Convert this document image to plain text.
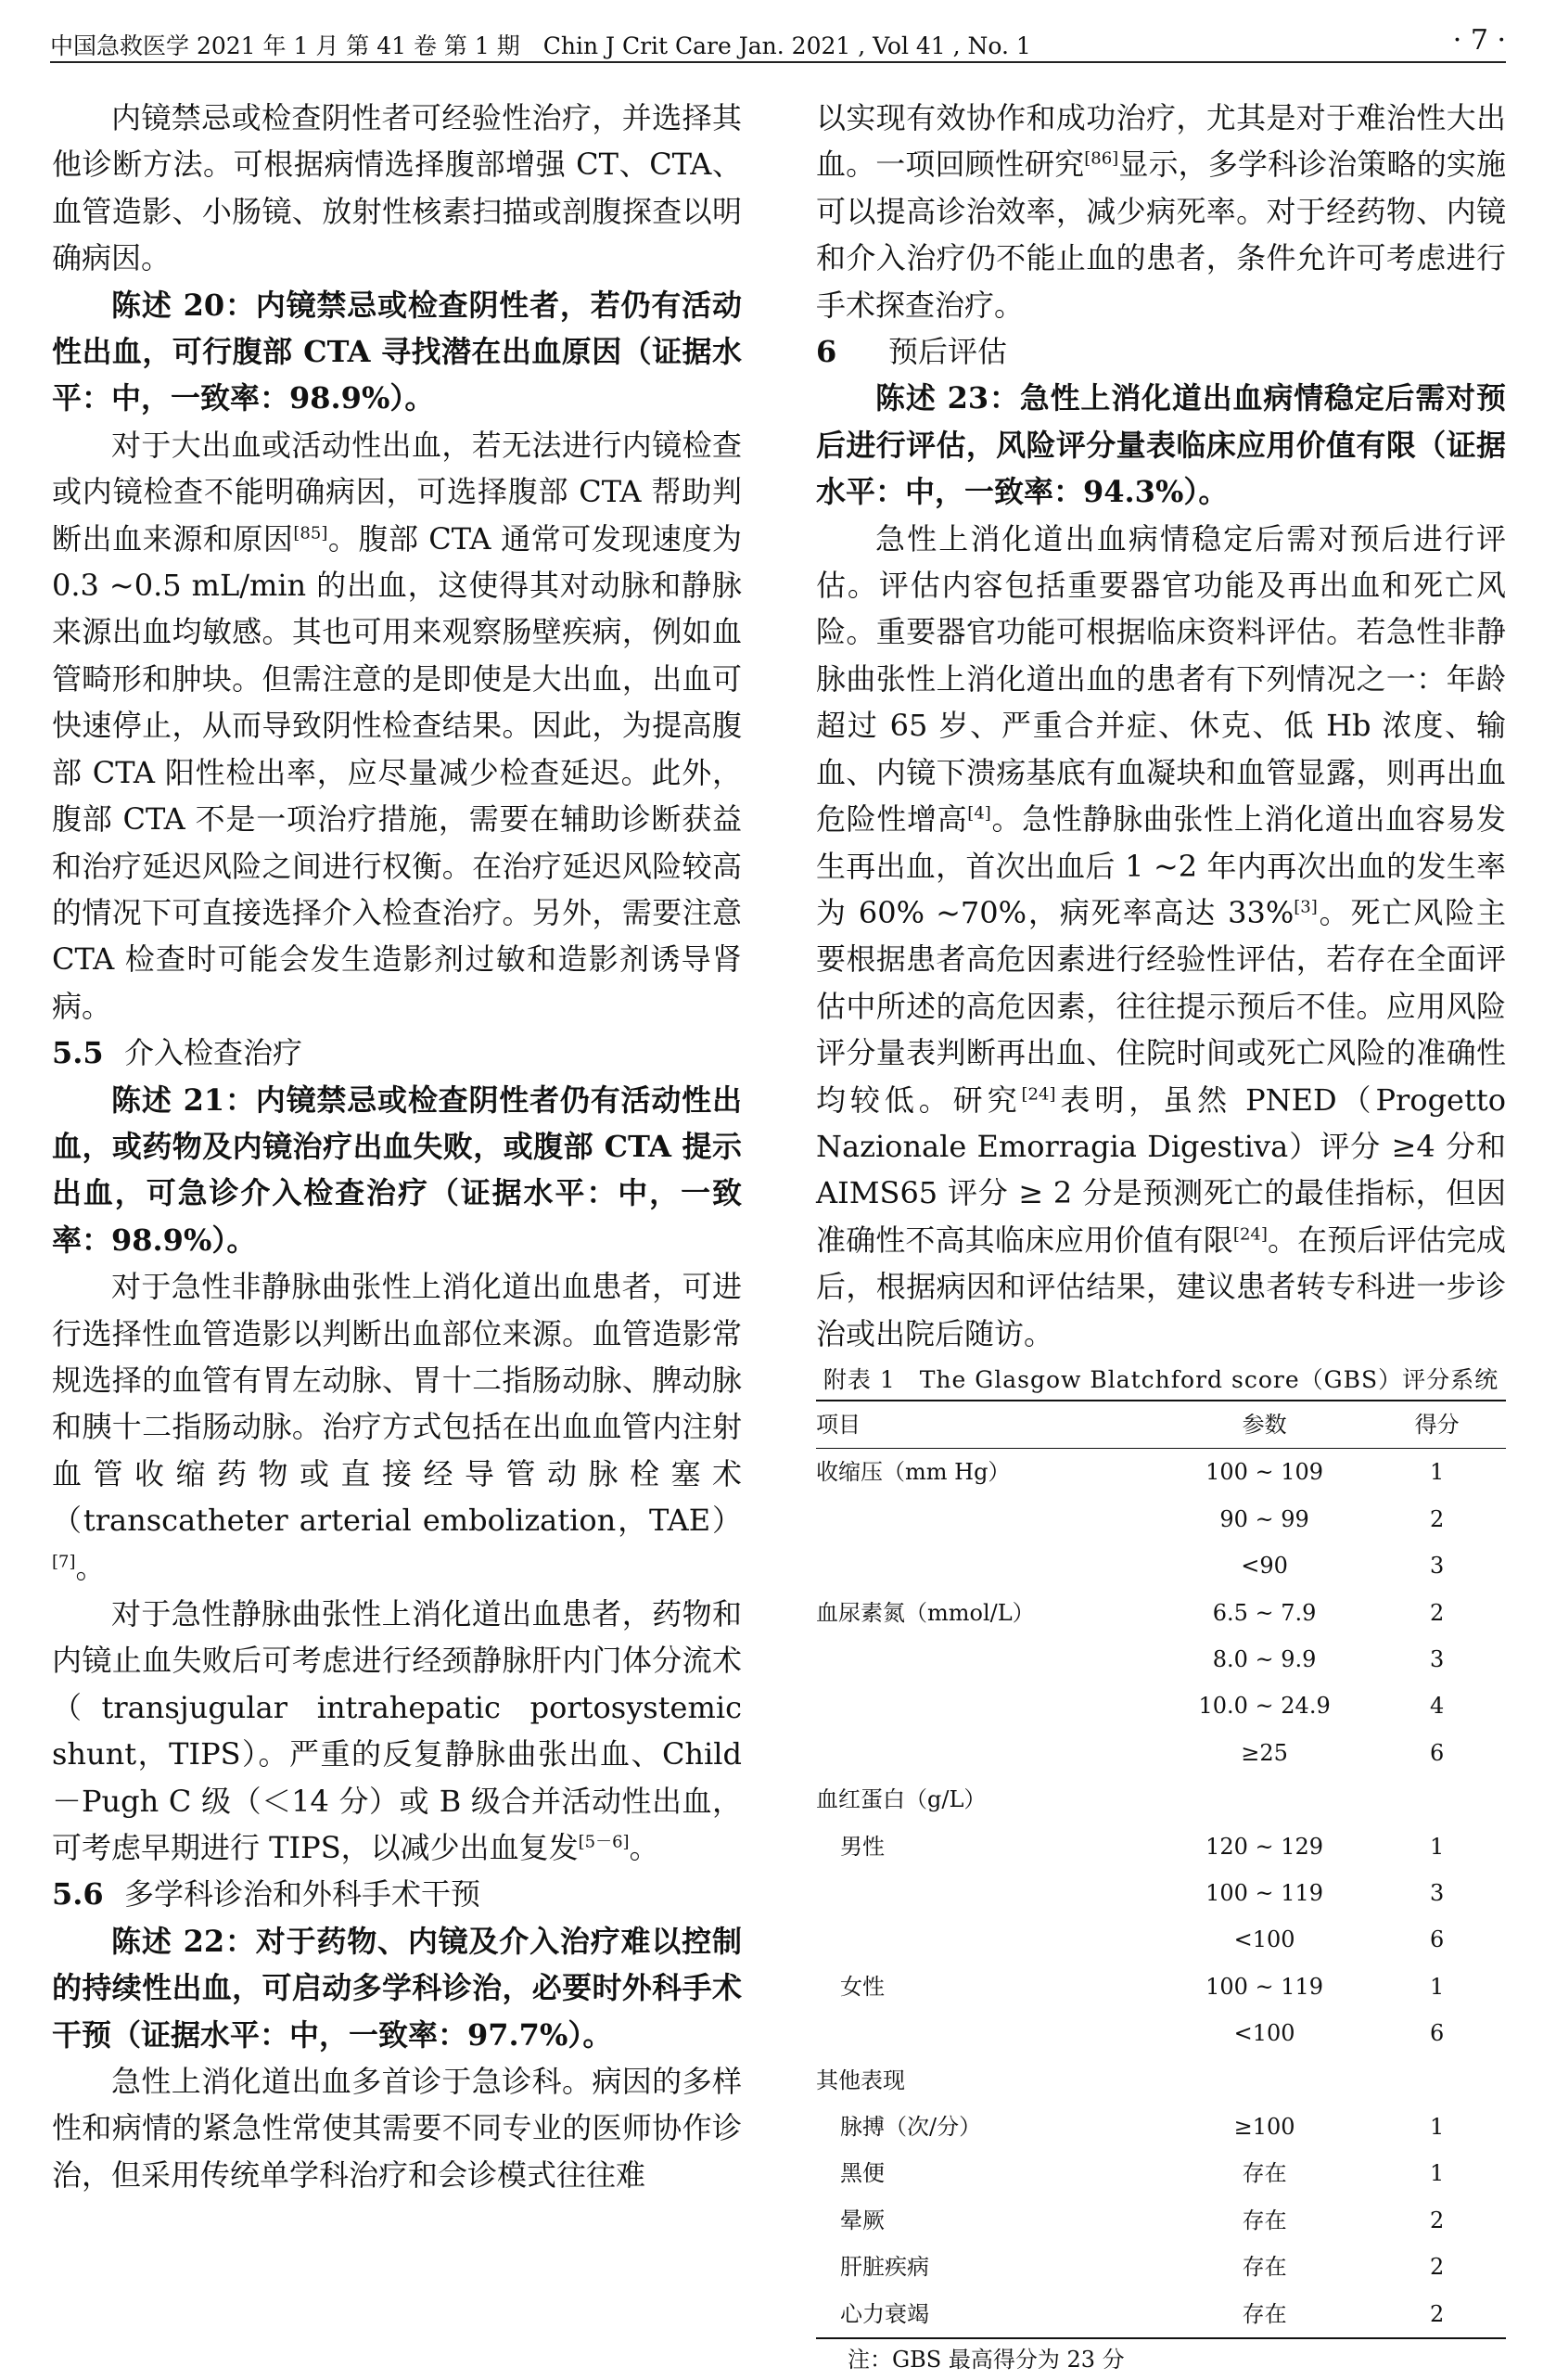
中国急救医学 2021 年 1 月 第 41 卷 第 1 期　Chin J Crit Care Jan. 2021 , Vol 41 , No. 1	· 7 ·

内镜禁忌或检查阴性者可经验性治疗，并选择其他诊断方法。可根据病情选择腹部增强 CT、CTA、血管造影、小肠镜、放射性核素扫描或剖腹探查以明确病因。

陈述 20：内镜禁忌或检查阴性者，若仍有活动性出血，可行腹部 CTA 寻找潜在出血原因（证据水平：中，一致率：98.9%）。

对于大出血或活动性出血，若无法进行内镜检查或内镜检查不能明确病因，可选择腹部 CTA 帮助判断出血来源和原因[85]。腹部 CTA 通常可发现速度为 0.3 ~0.5 mL/min 的出血，这使得其对动脉和静脉来源出血均敏感。其也可用来观察肠壁疾病，例如血管畸形和肿块。但需注意的是即使是大出血，出血可快速停止，从而导致阴性检查结果。因此，为提高腹部 CTA 阳性检出率，应尽量减少检查延迟。此外，腹部 CTA 不是一项治疗措施，需要在辅助诊断获益和治疗延迟风险之间进行权衡。在治疗延迟风险较高的情况下可直接选择介入检查治疗。另外，需要注意 CTA 检查时可能会发生造影剂过敏和造影剂诱导肾病。

5.5 介入检查治疗

陈述 21：内镜禁忌或检查阴性者仍有活动性出血，或药物及内镜治疗出血失败，或腹部 CTA 提示出血，可急诊介入检查治疗（证据水平：中，一致率：98.9%）。

对于急性非静脉曲张性上消化道出血患者，可进行选择性血管造影以判断出血部位来源。血管造影常规选择的血管有胃左动脉、胃十二指肠动脉、脾动脉和胰十二指肠动脉。治疗方式包括在出血血管内注射血管收缩药物或直接经导管动脉栓塞术（transcatheter arterial embolization，TAE）[7]。

对于急性静脉曲张性上消化道出血患者，药物和内镜止血失败后可考虑进行经颈静脉肝内门体分流术（transjugular intrahepatic portosystemic shunt，TIPS）。严重的反复静脉曲张出血、Child－Pugh C 级（＜14 分）或 B 级合并活动性出血，可考虑早期进行 TIPS，以减少出血复发[5－6]。

5.6 多学科诊治和外科手术干预

陈述 22：对于药物、内镜及介入治疗难以控制的持续性出血，可启动多学科诊治，必要时外科手术干预（证据水平：中，一致率：97.7%）。

急性上消化道出血多首诊于急诊科。病因的多样性和病情的紧急性常使其需要不同专业的医师协作诊治，但采用传统单学科治疗和会诊模式往往难

以实现有效协作和成功治疗，尤其是对于难治性大出血。一项回顾性研究[86]显示，多学科诊治策略的实施可以提高诊治效率，减少病死率。对于经药物、内镜和介入治疗仍不能止血的患者，条件允许可考虑进行手术探查治疗。

6 预后评估

陈述 23：急性上消化道出血病情稳定后需对预后进行评估，风险评分量表临床应用价值有限（证据水平：中，一致率：94.3%）。

急性上消化道出血病情稳定后需对预后进行评估。评估内容包括重要器官功能及再出血和死亡风险。重要器官功能可根据临床资料评估。若急性非静脉曲张性上消化道出血的患者有下列情况之一：年龄超过 65 岁、严重合并症、休克、低 Hb 浓度、输血、内镜下溃疡基底有血凝块和血管显露，则再出血危险性增高[4]。急性静脉曲张性上消化道出血容易发生再出血，首次出血后 1 ~2 年内再次出血的发生率为 60% ~70%，病死率高达 33%[3]。死亡风险主要根据患者高危因素进行经验性评估，若存在全面评估中所述的高危因素，往往提示预后不佳。应用风险评分量表判断再出血、住院时间或死亡风险的准确性均较低。研究[24]表明，虽然 PNED（Progetto Nazionale Emorragia Digestiva）评分 ≥4 分和 AIMS65 评分 ≥ 2 分是预测死亡的最佳指标，但因准确性不高其临床应用价值有限[24]。在预后评估完成后，根据病因和评估结果，建议患者转专科进一步诊治或出院后随访。

附表 1　The Glasgow Blatchford score（GBS）评分系统
项目	参数	得分
收缩压（mm Hg）	100 ~ 109	1
	90 ~ 99	2
	<90	3
血尿素氮（mmol/L）	6.5 ~ 7.9	2
	8.0 ~ 9.9	3
	10.0 ~ 24.9	4
	≥25	6
血红蛋白（g/L）		
男性	120 ~ 129	1
	100 ~ 119	3
	<100	6
女性	100 ~ 119	1
	<100	6
其他表现		
脉搏（次/分）	≥100	1
黑便	存在	1
晕厥	存在	2
肝脏疾病	存在	2
心力衰竭	存在	2
注：GBS 最高得分为 23 分
